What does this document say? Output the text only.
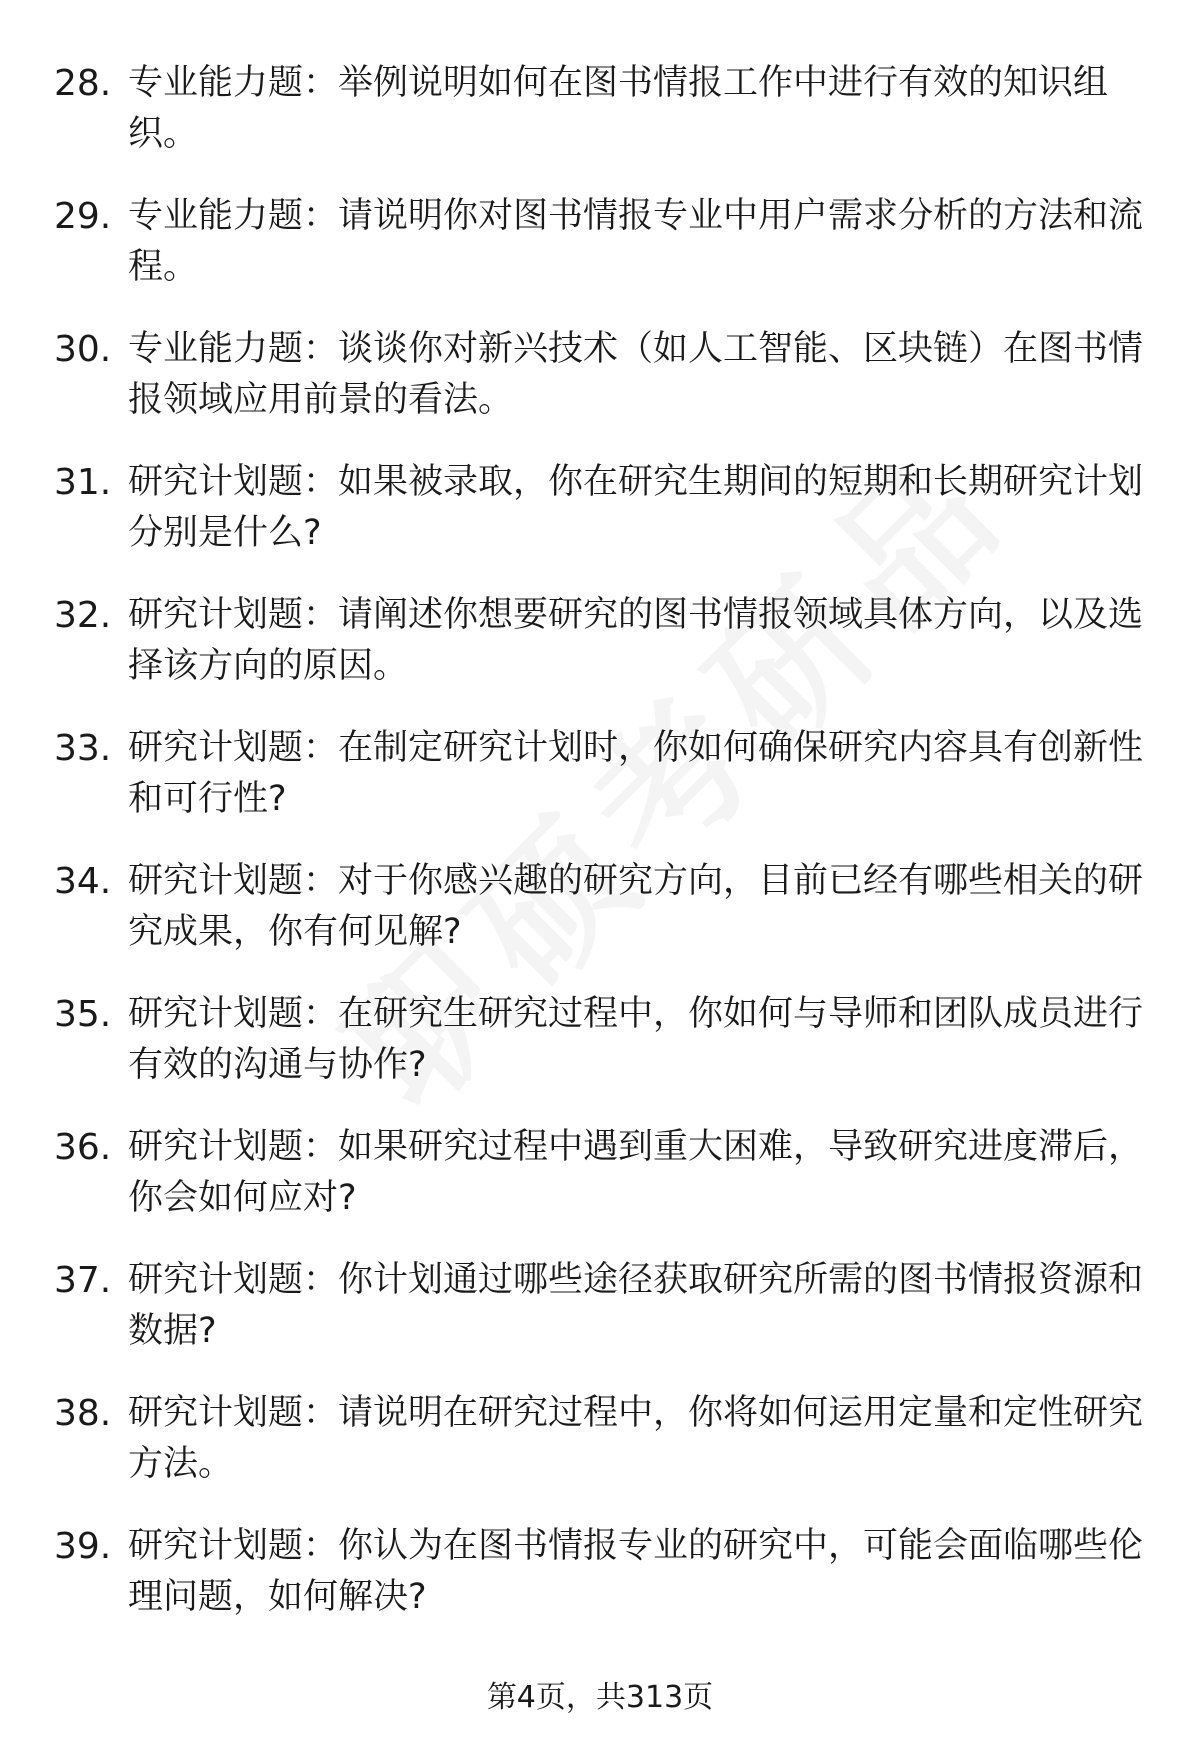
28. 专业能力题：举例说明如何在图书情报工作中进行有效的知识组织。
29. 专业能力题：请说明你对图书情报专业中用户需求分析的方法和流程。
30. 专业能力题：谈谈你对新兴技术（如人工智能、区块链）在图书情报领域应用前景的看法。
31. 研究计划题：如果被录取，你在研究生期间的短期和长期研究计划分别是什么?
32. 研究计划题：请阐述你想要研究的图书情报领域具体方向，以及选择该方向的原因。
33. 研究计划题：在制定研究计划时，你如何确保研究内容具有创新性和可行性?
34. 研究计划题：对于你感兴趣的研究方向，目前已经有哪些相关的研究成果，你有何见解?
35. 研究计划题：在研究生研究过程中，你如何与导师和团队成员进行有效的沟通与协作?
36. 研究计划题：如果研究过程中遇到重大困难，导致研究进度滞后，你会如何应对?
37. 研究计划题：你计划通过哪些途径获取研究所需的图书情报资源和数据?
38. 研究计划题：请说明在研究过程中，你将如何运用定量和定性研究方法。
39. 研究计划题：你认为在图书情报专业的研究中，可能会面临哪些伦理问题，如何解决?
第4页，共313页
